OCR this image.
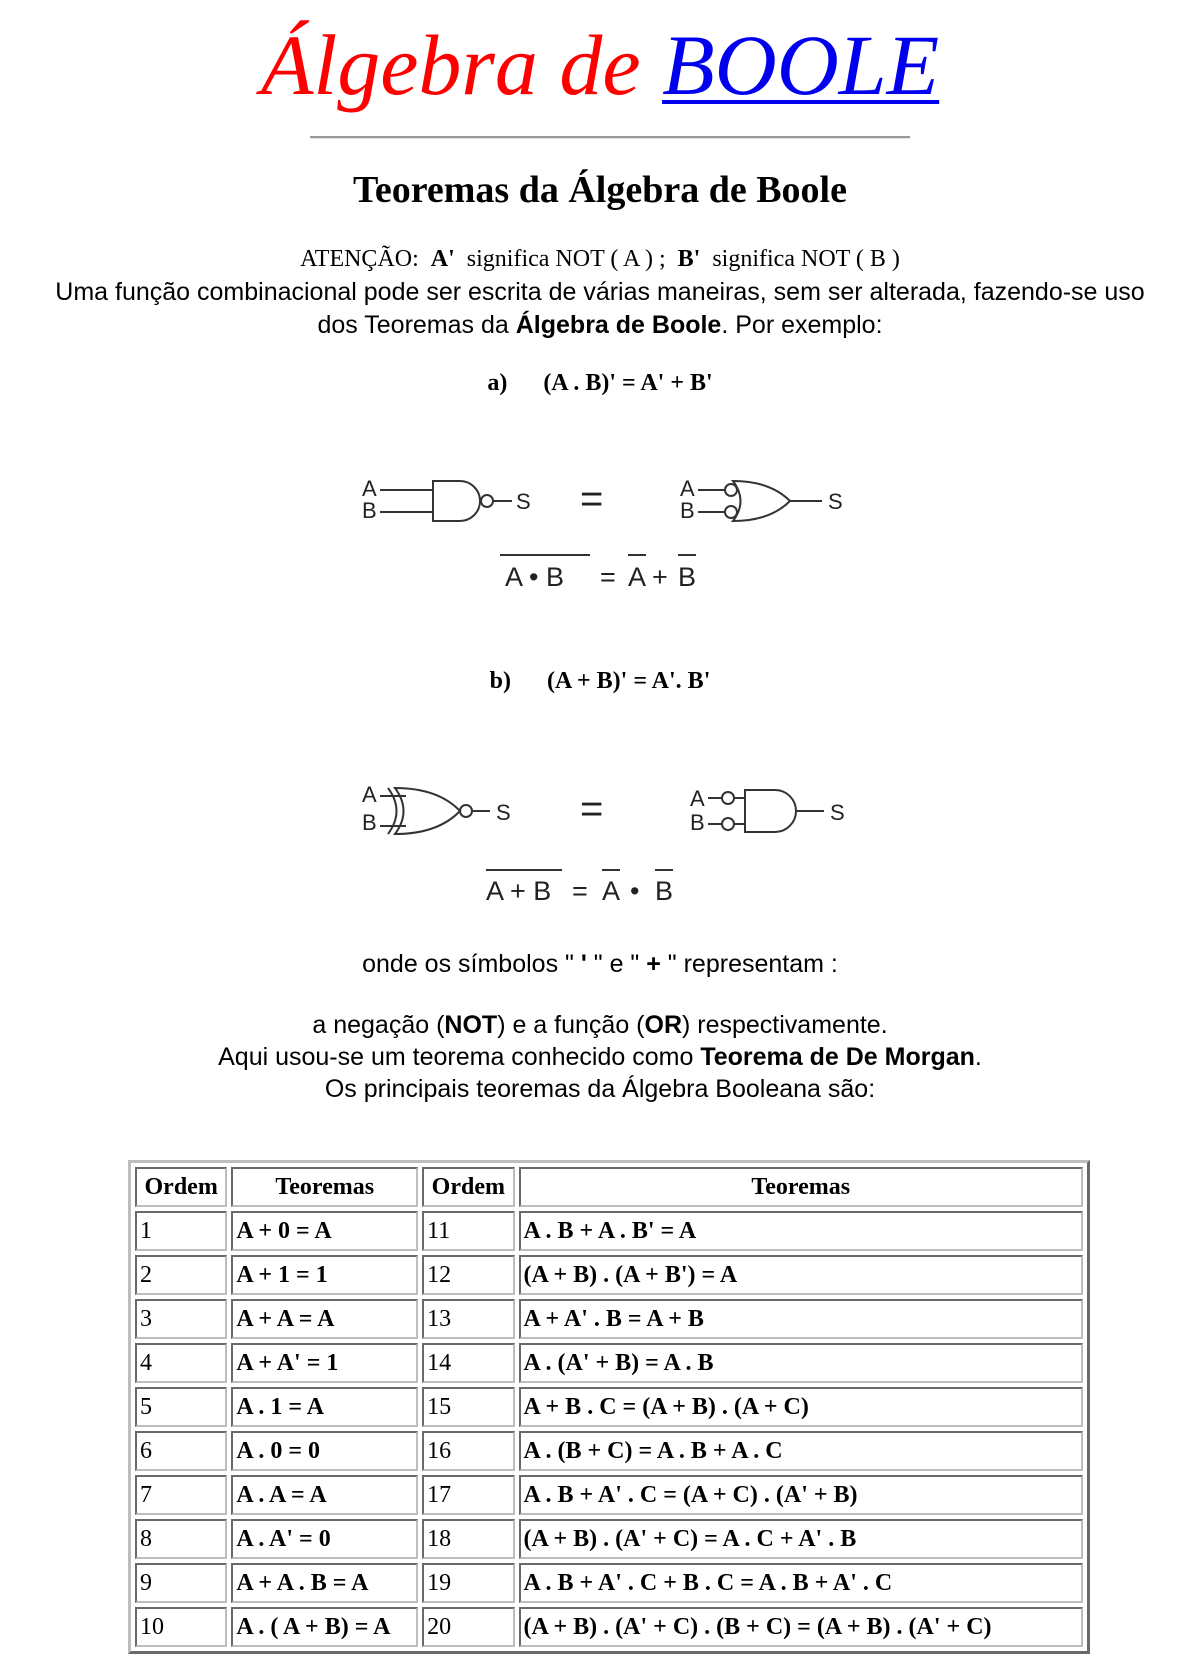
Álgebra de BOOLE
Teoremas da Álgebra de Boole
ATENÇÃO: A' significa NOT ( A ) ; B' significa NOT ( B )
Uma função combinacional pode ser escrita de várias maneiras, sem ser alterada, fazendo-se uso dos Teoremas da Álgebra de Boole. Por exemplo:
a) (A . B)' = A' + B'
A
B	S =	A
B	S
A • B = A + B
b) (A + B)' = A'. B'
A
B	S =	A
B	S
A + B = A • B
onde os símbolos " ' " e " + " representam :
a negação (NOT) e a função (OR) respectivamente.
Aqui usou-se um teorema conhecido como Teorema de De Morgan.
Os principais teoremas da Álgebra Booleana são:
Ordem	Teoremas	Ordem	Teoremas
1	A + 0 = A	11	A . B + A . B' = A
2	A + 1 = 1	12	(A + B) . (A + B') = A
3	A + A = A	13	A + A' . B = A + B
4	A + A' = 1	14	A . (A' + B) = A . B
5	A . 1 = A	15	A + B . C = (A + B) . (A + C)
6	A . 0 = 0	16	A . (B + C) = A . B + A . C
7	A . A = A	17	A . B + A' . C = (A + C) . (A' + B)
8	A . A' = 0	18	(A + B) . (A' + C) = A . C + A' . B
9	A + A . B = A	19	A . B + A' . C + B . C = A . B + A' . C
10	A . ( A + B) = A	20	(A + B) . (A' + C) . (B + C) = (A + B) . (A' + C)
